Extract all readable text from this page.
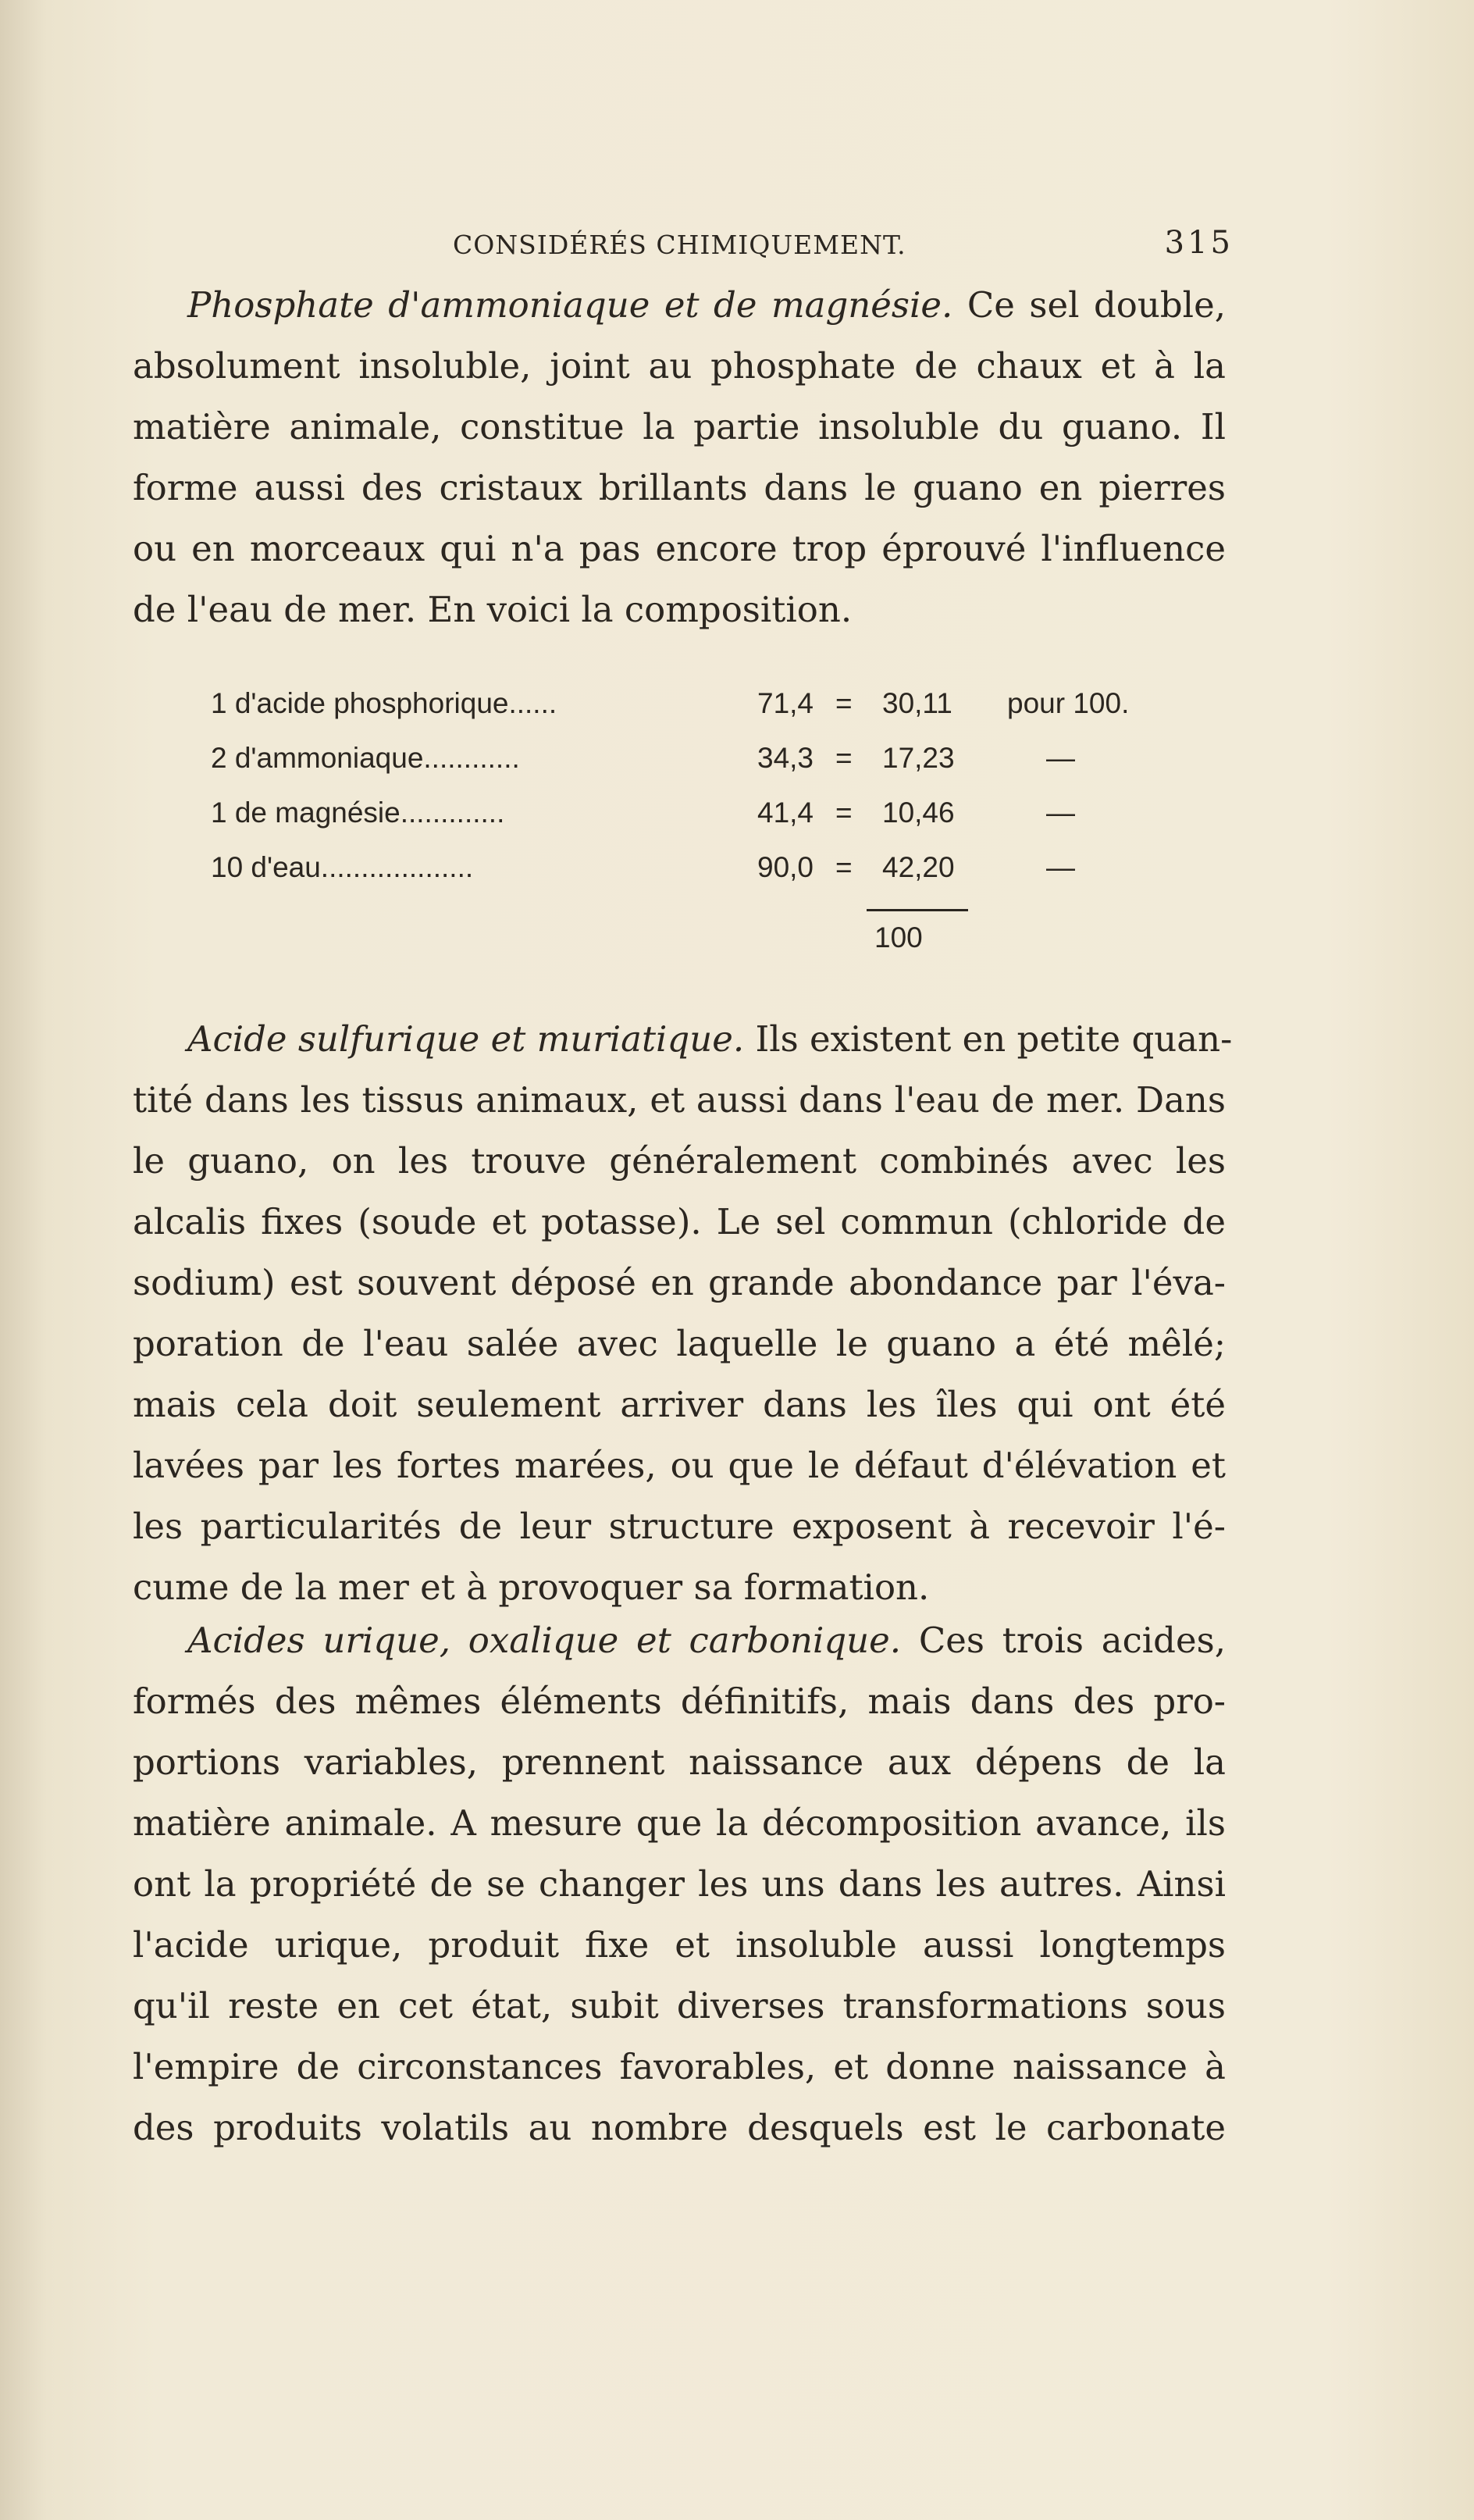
CONSIDÉRÉS CHIMIQUEMENT.	315
Phosphate d'ammoniaque et de magnésie. Ce sel double,
absolument insoluble, joint au phosphate de chaux et à la
matière animale, constitue la partie insoluble du guano. Il
forme aussi des cristaux brillants dans le guano en pierres
ou en morceaux qui n'a pas encore trop éprouvé l'influence
de l'eau de mer. En voici la composition.
1 d'acide phosphorique......	71,4 = 30,11 pour 100.
2 d'ammoniaque............	34,3 = 17,23	—
1 de magnésie.............	41,4 = 10,46	—
10 d'eau...................	90,0 = 42,20	—
100
Acide sulfurique et muriatique. Ils existent en petite quan-
tité dans les tissus animaux, et aussi dans l'eau de mer. Dans
le guano, on les trouve généralement combinés avec les
alcalis fixes (soude et potasse). Le sel commun (chloride de
sodium) est souvent déposé en grande abondance par l'éva-
poration de l'eau salée avec laquelle le guano a été mêlé;
mais cela doit seulement arriver dans les îles qui ont été
lavées par les fortes marées, ou que le défaut d'élévation et
les particularités de leur structure exposent à recevoir l'é-
cume de la mer et à provoquer sa formation.
Acides urique, oxalique et carbonique. Ces trois acides,
formés des mêmes éléments définitifs, mais dans des pro-
portions variables, prennent naissance aux dépens de la
matière animale. A mesure que la décomposition avance, ils
ont la propriété de se changer les uns dans les autres. Ainsi
l'acide urique, produit fixe et insoluble aussi longtemps
qu'il reste en cet état, subit diverses transformations sous
l'empire de circonstances favorables, et donne naissance à
des produits volatils au nombre desquels est le carbonate
